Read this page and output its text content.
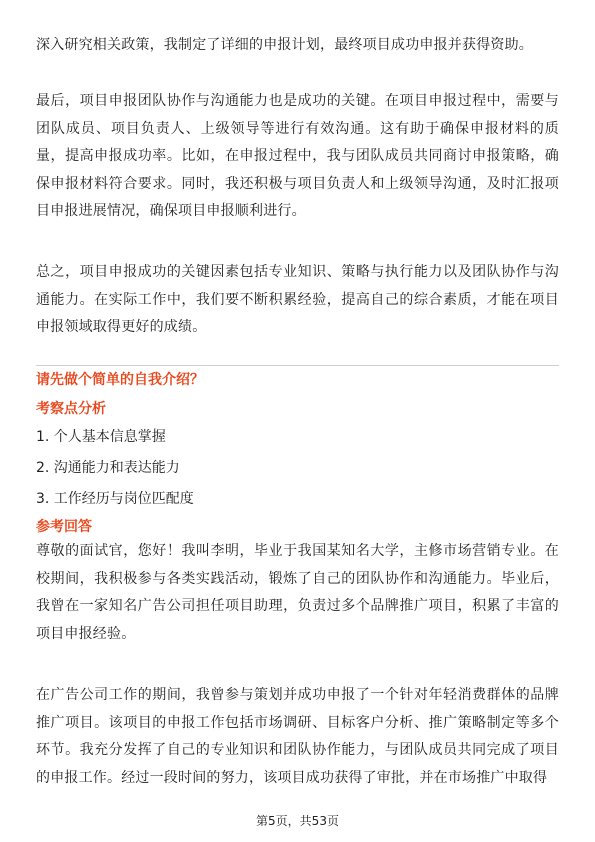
深入研究相关政策，我制定了详细的申报计划，最终项目成功申报并获得资助。

最后，项目申报团队协作与沟通能力也是成功的关键。在项目申报过程中，需要与团队成员、项目负责人、上级领导等进行有效沟通。这有助于确保申报材料的质量，提高申报成功率。比如，在申报过程中，我与团队成员共同商讨申报策略，确保申报材料符合要求。同时，我还积极与项目负责人和上级领导沟通，及时汇报项目申报进展情况，确保项目申报顺利进行。

总之，项目申报成功的关键因素包括专业知识、策略与执行能力以及团队协作与沟通能力。在实际工作中，我们要不断积累经验，提高自己的综合素质，才能在项目申报领域取得更好的成绩。

请先做个简单的自我介绍？

考察点分析

1. 个人基本信息掌握
2. 沟通能力和表达能力
3. 工作经历与岗位匹配度

参考回答

尊敬的面试官，您好！我叫李明，毕业于我国某知名大学，主修市场营销专业。在校期间，我积极参与各类实践活动，锻炼了自己的团队协作和沟通能力。毕业后，我曾在一家知名广告公司担任项目助理，负责过多个品牌推广项目，积累了丰富的项目申报经验。

在广告公司工作的期间，我曾参与策划并成功申报了一个针对年轻消费群体的品牌推广项目。该项目的申报工作包括市场调研、目标客户分析、推广策略制定等多个环节。我充分发挥了自己的专业知识和团队协作能力，与团队成员共同完成了项目的申报工作。经过一段时间的努力，该项目成功获得了审批，并在市场推广中取得

第5页，共53页
